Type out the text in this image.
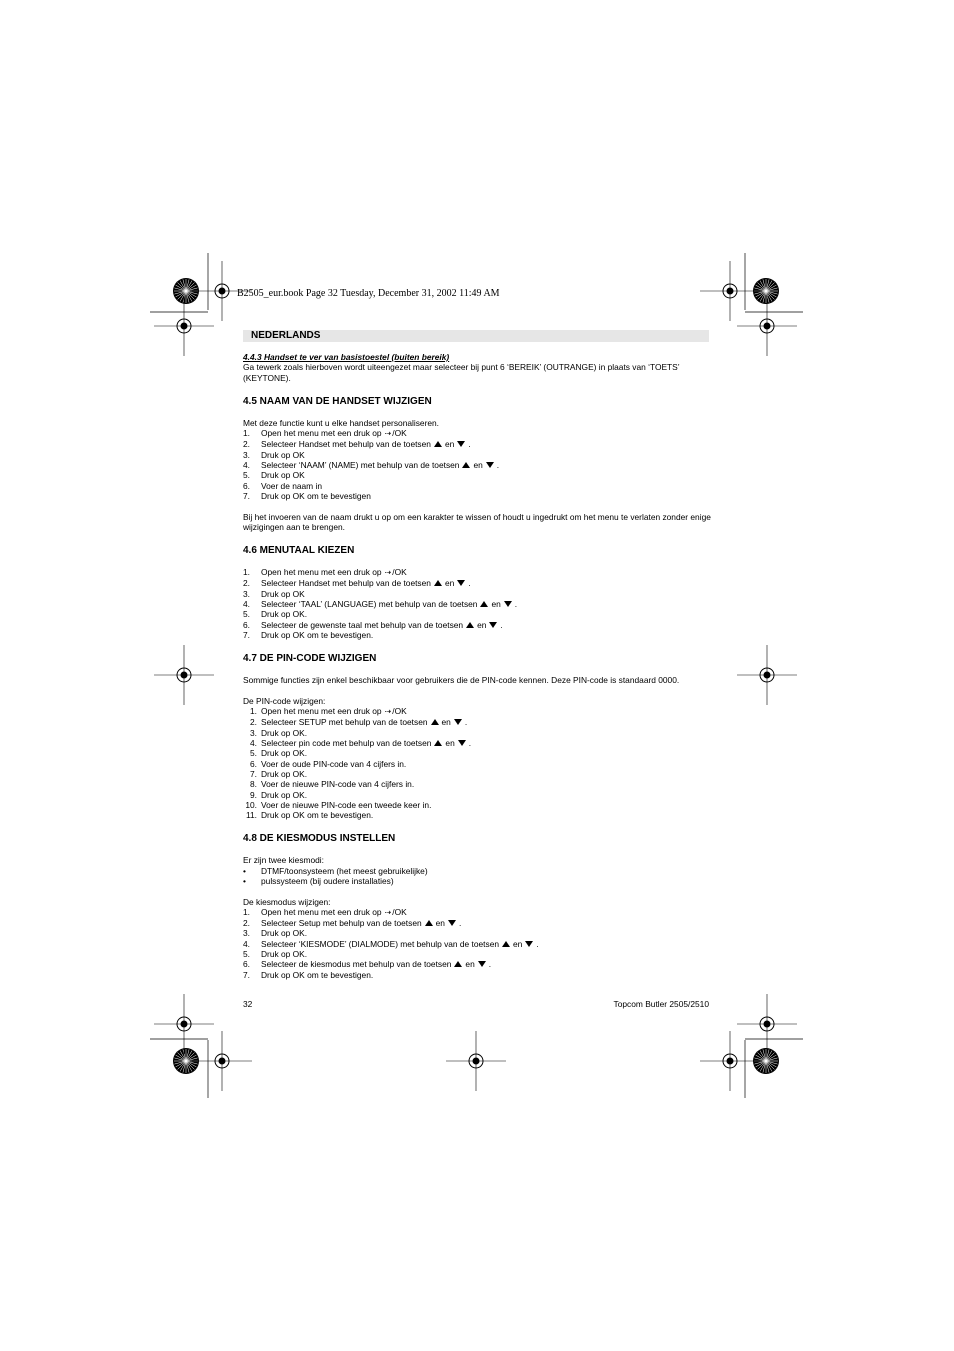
B2505_eur.book Page 32 Tuesday, December 31, 2002 11:49 AM
NEDERLANDS

4.4.3 Handset te ver van basistoestel (buiten bereik)

Ga tewerk zoals hierboven wordt uiteengezet maar selecteer bij punt 6 ‘BEREIK’ (OUTRANGE) in plaats van ‘TOETS’ (KEYTONE).

4.5 NAAM VAN DE HANDSET WIJZIGEN

Met deze functie kunt u elke handset personaliseren.

1.	Open het menu met een druk op ⇢/OK
2.	Selecteer Handset met behulp van de toetsen en .
3.	Druk op OK
4.	Selecteer ‘NAAM’ (NAME) met behulp van de toetsen en .
5.	Druk op OK
6.	Voer de naam in
7.	Druk op OK om te bevestigen

Bij het invoeren van de naam drukt u op om een karakter te wissen of houdt u ingedrukt om het menu te verlaten zonder enige wijzigingen aan te brengen.

4.6 MENUTAAL KIEZEN
1.	Open het menu met een druk op ⇢/OK
2.	Selecteer Handset met behulp van de toetsen en .
3.	Druk op OK
4.	Selecteer ‘TAAL’ (LANGUAGE) met behulp van de toetsen en .
5.	Druk op OK.
6.	Selecteer de gewenste taal met behulp van de toetsen en .
7.	Druk op OK om te bevestigen.
4.7 DE PIN-CODE WIJZIGEN

Sommige functies zijn enkel beschikbaar voor gebruikers die de PIN-code kennen. Deze PIN-code is standaard 0000.

De PIN-code wijzigen:

1. Open het menu met een druk op ⇢/OK
2. Selecteer SETUP met behulp van de toetsen en .
3. Druk op OK.
4. Selecteer pin code met behulp van de toetsen en .
5. Druk op OK.
6. Voer de oude PIN-code van 4 cijfers in.
7. Druk op OK.
8. Voer de nieuwe PIN-code van 4 cijfers in.
9. Druk op OK.
10. Voer de nieuwe PIN-code een tweede keer in.
11. Druk op OK om te bevestigen.
4.8 DE KIESMODUS INSTELLEN

Er zijn twee kiesmodi:

•	DTMF/toonsysteem (het meest gebruikelijke)
•	pulssysteem (bij oudere installaties)

De kiesmodus wijzigen:

1.	Open het menu met een druk op ⇢/OK
2.	Selecteer Setup met behulp van de toetsen en .
3.	Druk op OK.
4.	Selecteer ‘KIESMODE’ (DIALMODE) met behulp van de toetsen en .
5.	Druk op OK.
6.	Selecteer de kiesmodus met behulp van de toetsen en .
7.	Druk op OK om te bevestigen.
32	Topcom Butler 2505/2510
